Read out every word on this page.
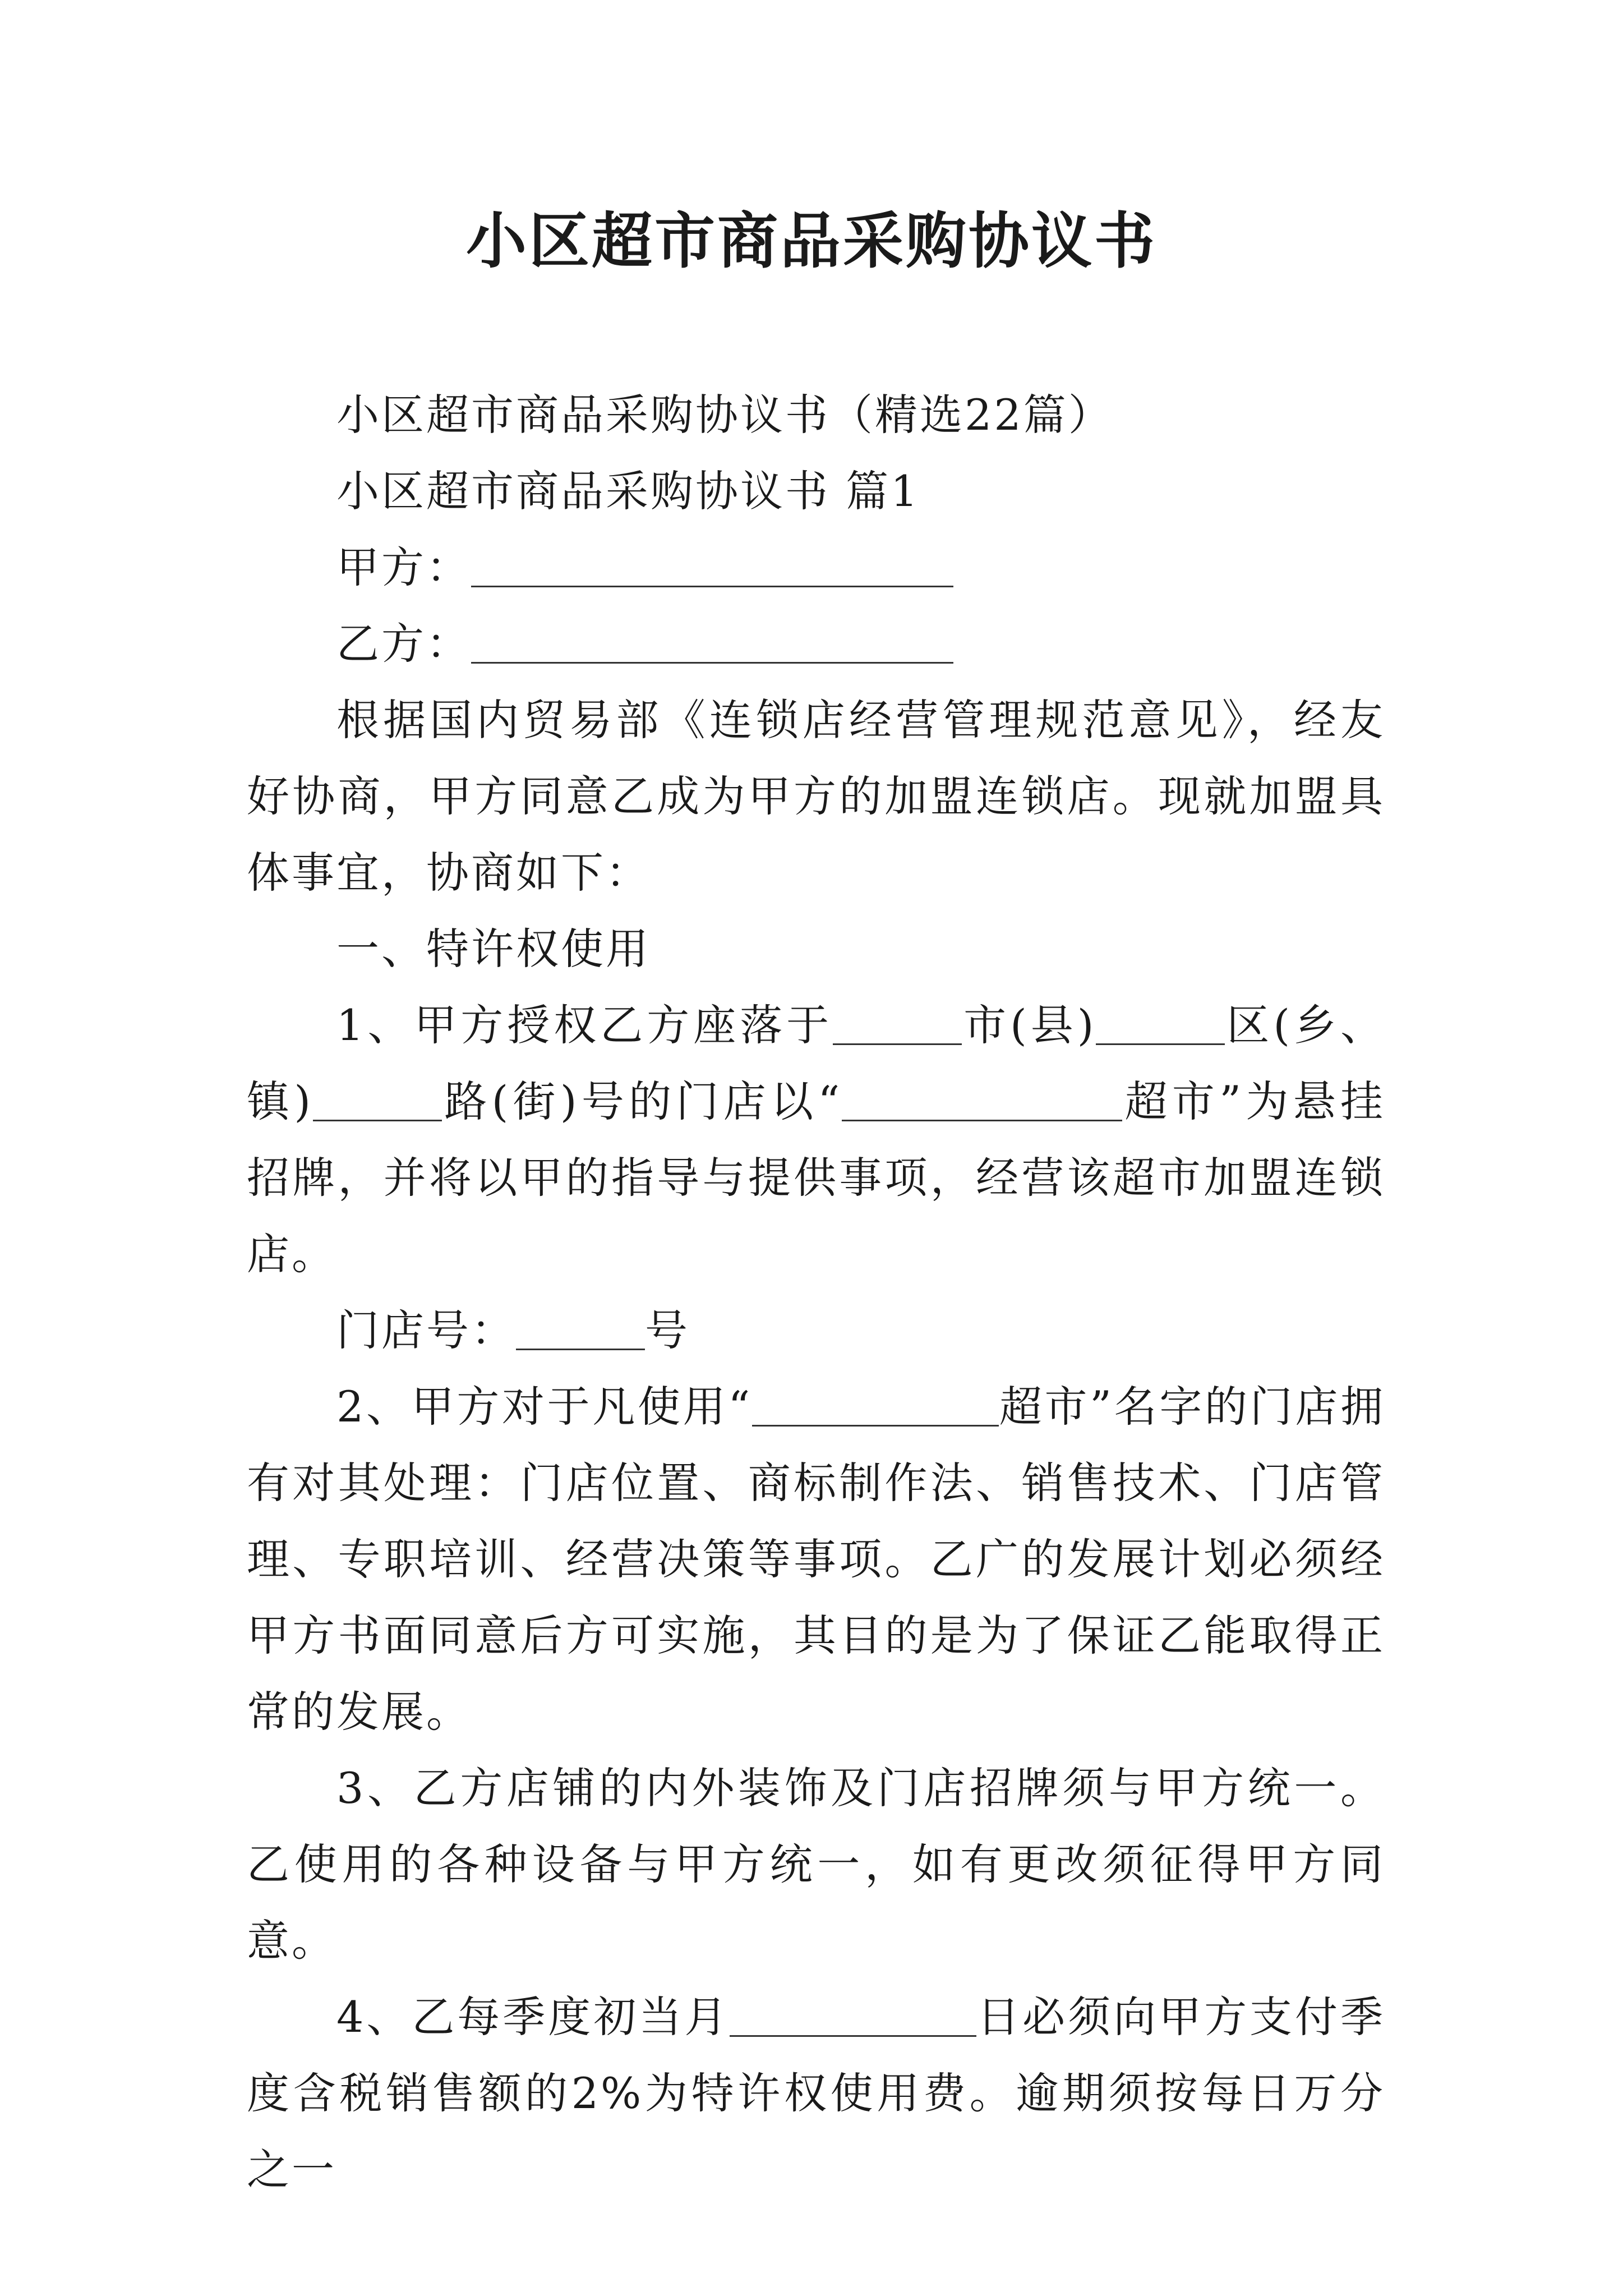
小区超市商品采购协议书

小区超市商品采购协议书（精选22篇）

小区超市商品采购协议书 篇1

甲方：

乙方：

根据国内贸易部《连锁店经营管理规范意见》，经友好协商，甲方同意乙成为甲方的加盟连锁店。现就加盟具体事宜，协商如下：

一、特许权使用

1、甲方授权乙方座落于	市(县)	区(乡、镇)	路(街)号的门店以“	超市”为悬挂招牌，并将以甲的指导与提供事项，经营该超市加盟连锁店。

门店号：	号

2、甲方对于凡使用“	超市”名字的门店拥有对其处理：门店位置、商标制作法、销售技术、门店管理、专职培训、经营决策等事项。乙广的发展计划必须经甲方书面同意后方可实施，其目的是为了保证乙能取得正常的发展。

3、乙方店铺的内外装饰及门店招牌须与甲方统一。乙使用的各种设备与甲方统一，如有更改须征得甲方同意。

4、乙每季度初当月	日必须向甲方支付季度含税销售额的2%为特许权使用费。逾期须按每日万分之一
